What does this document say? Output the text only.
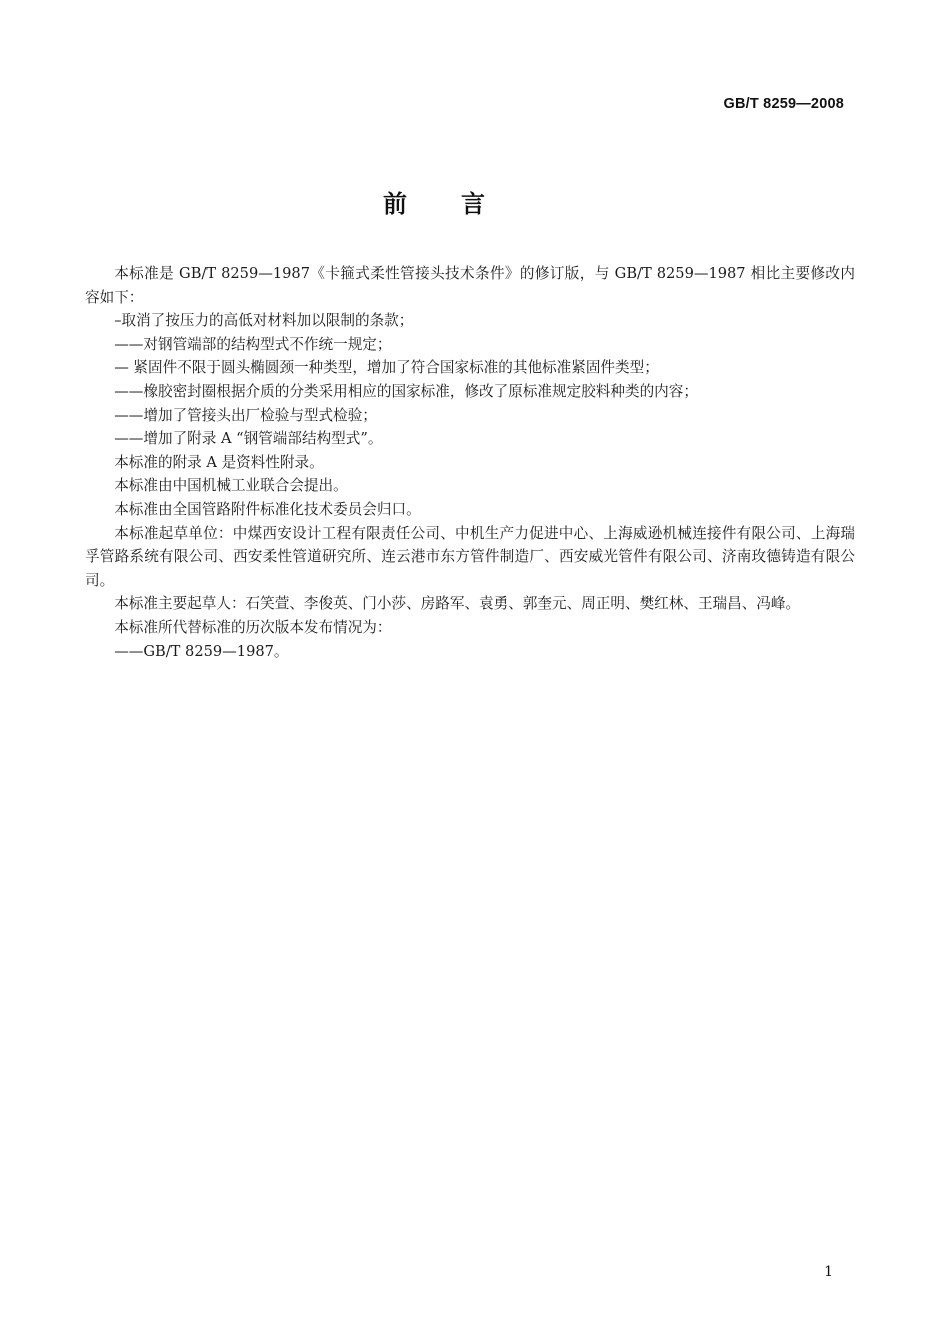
GB/T 8259—2008
前言

本标准是 GB/T 8259—1987《卡箍式柔性管接头技术条件》的修订版，与 GB/T 8259—1987 相比主要修改内容如下：

–取消了按压力的高低对材料加以限制的条款；

——对钢管端部的结构型式不作统一规定；

— 紧固件不限于圆头椭圆颈一种类型，增加了符合国家标准的其他标准紧固件类型；

——橡胶密封圈根据介质的分类采用相应的国家标准，修改了原标准规定胶料种类的内容；

——增加了管接头出厂检验与型式检验；

——增加了附录 A “钢管端部结构型式”。

本标准的附录 A 是资料性附录。

本标准由中国机械工业联合会提出。

本标准由全国管路附件标准化技术委员会归口。

本标准起草单位：中煤西安设计工程有限责任公司、中机生产力促进中心、上海威逊机械连接件有限公司、上海瑞孚管路系统有限公司、西安柔性管道研究所、连云港市东方管件制造厂、西安威光管件有限公司、济南玫德铸造有限公司。

本标准主要起草人：石笑萱、李俊英、门小莎、房路军、袁勇、郭奎元、周正明、樊红林、王瑞昌、冯峰。

本标准所代替标准的历次版本发布情况为：

——GB/T 8259—1987。

1
